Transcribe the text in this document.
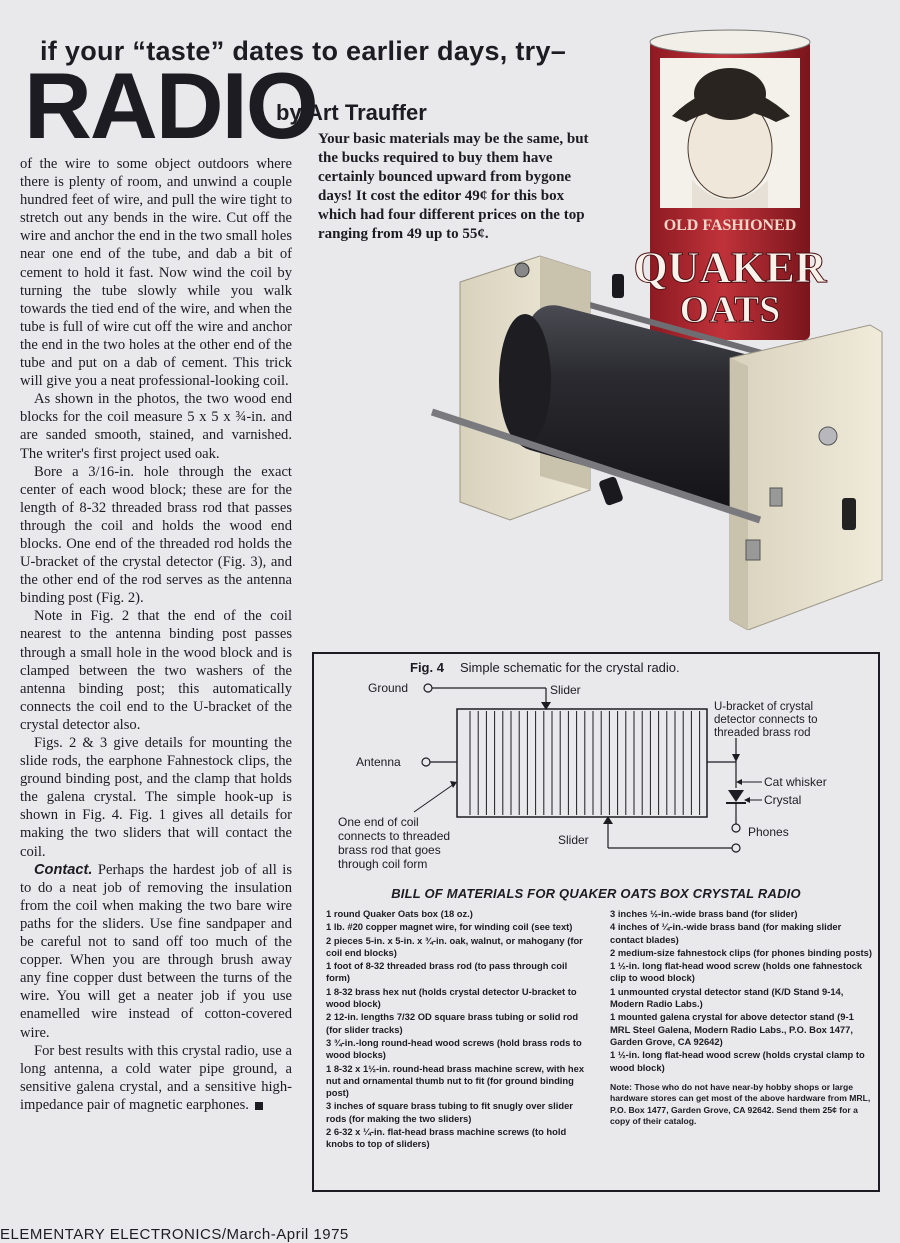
if your “taste” dates to earlier days, try–
RADIO
by Art Trauffer
Your basic materials may be the same, but the bucks required to buy them have certainly bounced upward from bygone days! It cost the editor 49¢ for this box which had four different prices on the top ranging from 49 up to 55¢.	OLD FASHIONED
QUAKER
OATS

of the wire to some object outdoors where there is plenty of room, and unwind a couple hundred feet of wire, and pull the wire tight to stretch out any bends in the wire. Cut off the wire and anchor the end in the two small holes near one end of the tube, and dab a bit of cement to hold it fast. Now wind the coil by turning the tube slowly while you walk towards the tied end of the wire, and when the tube is full of wire cut off the wire and anchor the end in the two holes at the other end of the tube and put on a dab of cement. This trick will give you a neat professional-looking coil.

As shown in the photos, the two wood end blocks for the coil measure 5 x 5 x ¾-in. and are sanded smooth, stained, and varnished. The writer's first project used oak.

Bore a 3/16-in. hole through the exact center of each wood block; these are for the length of 8-32 threaded brass rod that passes through the coil and holds the wood end blocks. One end of the threaded rod holds the U-bracket of the crystal detector (Fig. 3), and the other end of the rod serves as the antenna binding post (Fig. 2).

Note in Fig. 2 that the end of the coil nearest to the antenna binding post passes through a small hole in the wood block and is clamped between the two washers of the antenna binding post; this automatically connects the coil end to the U-bracket of the crystal detector also.

Figs. 2 & 3 give details for mounting the slide rods, the earphone Fahnestock clips, the ground binding post, and the clamp that holds the galena crystal. The simple hook-up is shown in Fig. 4. Fig. 1 gives all details for making the two sliders that will contact the coil.

Contact. Perhaps the hardest job of all is to do a neat job of removing the insulation from the coil when making the two bare wire paths for the sliders. Use fine sandpaper and be careful not to sand off too much of the copper. When you are through brush away any fine copper dust between the turns of the wire. You will get a neater job if you use enamelled wire instead of cotton-covered wire.

For best results with this crystal radio, use a long antenna, a cold water pipe ground, a sensitive galena crystal, and a sensitive high-impedance pair of magnetic earphones.

Fig. 4 Simple schematic for the crystal radio.
Ground	Slider
Antenna
U-bracket of crystal
detector connects to
threaded brass rod
Cat whisker
Crystal
Phones
Slider
One end of coil
connects to threaded
brass rod that goes
through coil form
BILL OF MATERIALS FOR QUAKER OATS BOX CRYSTAL RADIO
1 round Quaker Oats box (18 oz.)
1 lb. #20 copper magnet wire, for winding coil (see text)
2 pieces 5-in. x 5-in. x ¾-in. oak, walnut, or mahogany (for coil end blocks)
1 foot of 8-32 threaded brass rod (to pass through coil form)
1 8-32 brass hex nut (holds crystal detector U-bracket to wood block)
2 12-in. lengths 7/32 OD square brass tubing or solid rod (for slider tracks)
3 ¾-in.-long round-head wood screws (hold brass rods to wood blocks)
1 8-32 x 1½-in. round-head brass machine screw, with hex nut and ornamental thumb nut to fit (for ground binding post)
3 inches of square brass tubing to fit snugly over slider rods (for making the two sliders)
2 6-32 x ¼-in. flat-head brass machine screws (to hold knobs to top of sliders)
3 inches ½-in.-wide brass band (for slider)
4 inches of ¼-in.-wide brass band (for making slider contact blades)
2 medium-size fahnestock clips (for phones binding posts)
1 ½-in. long flat-head wood screw (holds one fahnestock clip to wood block)
1 unmounted crystal detector stand (K/D Stand 9-14, Modern Radio Labs.)
1 mounted galena crystal for above detector stand (9-1 MRL Steel Galena, Modern Radio Labs., P.O. Box 1477, Garden Grove, CA 92642)
1 ½-in. long flat-head wood screw (holds crystal clamp to wood block)
Note: Those who do not have near-by hobby shops or large hardware stores can get most of the above hardware from MRL, P.O. Box 1477, Garden Grove, CA 92642. Send them 25¢ for a copy of their catalog.
ELEMENTARY ELECTRONICS/March-April 1975
